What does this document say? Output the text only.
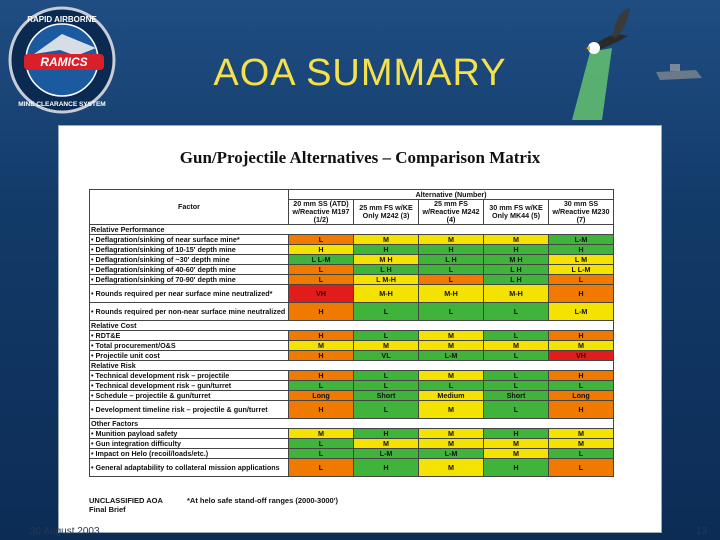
RAMICS
RAPID AIRBORNE
MINE CLEARANCE SYSTEM
AOA SUMMARY
Gun/Projectile Alternatives – Comparison Matrix
Factor	Alternative (Number)				
	20 mm SS (ATD) w/Reactive M197 (1/2)	25 mm FS w/KE Only M242 (3)	25 mm FS w/Reactive M242 (4)	30 mm FS w/KE Only MK44 (5)	30 mm SS w/Reactive M230 (7)
Relative Performance					
• Deflagration/sinking of near surface mine*	L	M	M	M	L-M
• Deflagration/sinking of 10-15' depth mine	H	H	H	H	H
• Deflagration/sinking of ~30' depth mine	L L-M	M H	L H	M H	L M
• Deflagration/sinking of 40-60' depth mine	L	L H	L	L H	L L-M
• Deflagration/sinking of 70-90' depth mine	L	L M-H	L	L H	L
• Rounds required per near surface mine neutralized*	VH	M-H	M-H	M-H	H
• Rounds required per non-near surface mine neutralized	H	L	L	L	L-M
Relative Cost					
• RDT&E	H	L	M	L	H
• Total procurement/O&S	M	M	M	M	M
• Projectile unit cost	H	VL	L-M	L	VH
Relative Risk					
• Technical development risk – projectile	H	L	M	L	H
• Technical development risk – gun/turret	L	L	L	L	L
• Schedule – projectile & gun/turret	Long	Short	Medium	Short	Long
• Development timeline risk – projectile & gun/turret	H	L	M	L	H
Other Factors					
• Munition payload safety	M	H	M	H	M
• Gun integration difficulty	L	M	M	M	M
• Impact on Helo (recoil/loads/etc.)	L	L-M	L-M	M	L
• General adaptability to collateral mission applications	L	H	M	H	L
UNCLASSIFIED AOA Final Brief
*At helo safe stand-off ranges (2000-3000')
30 August 2003	13
